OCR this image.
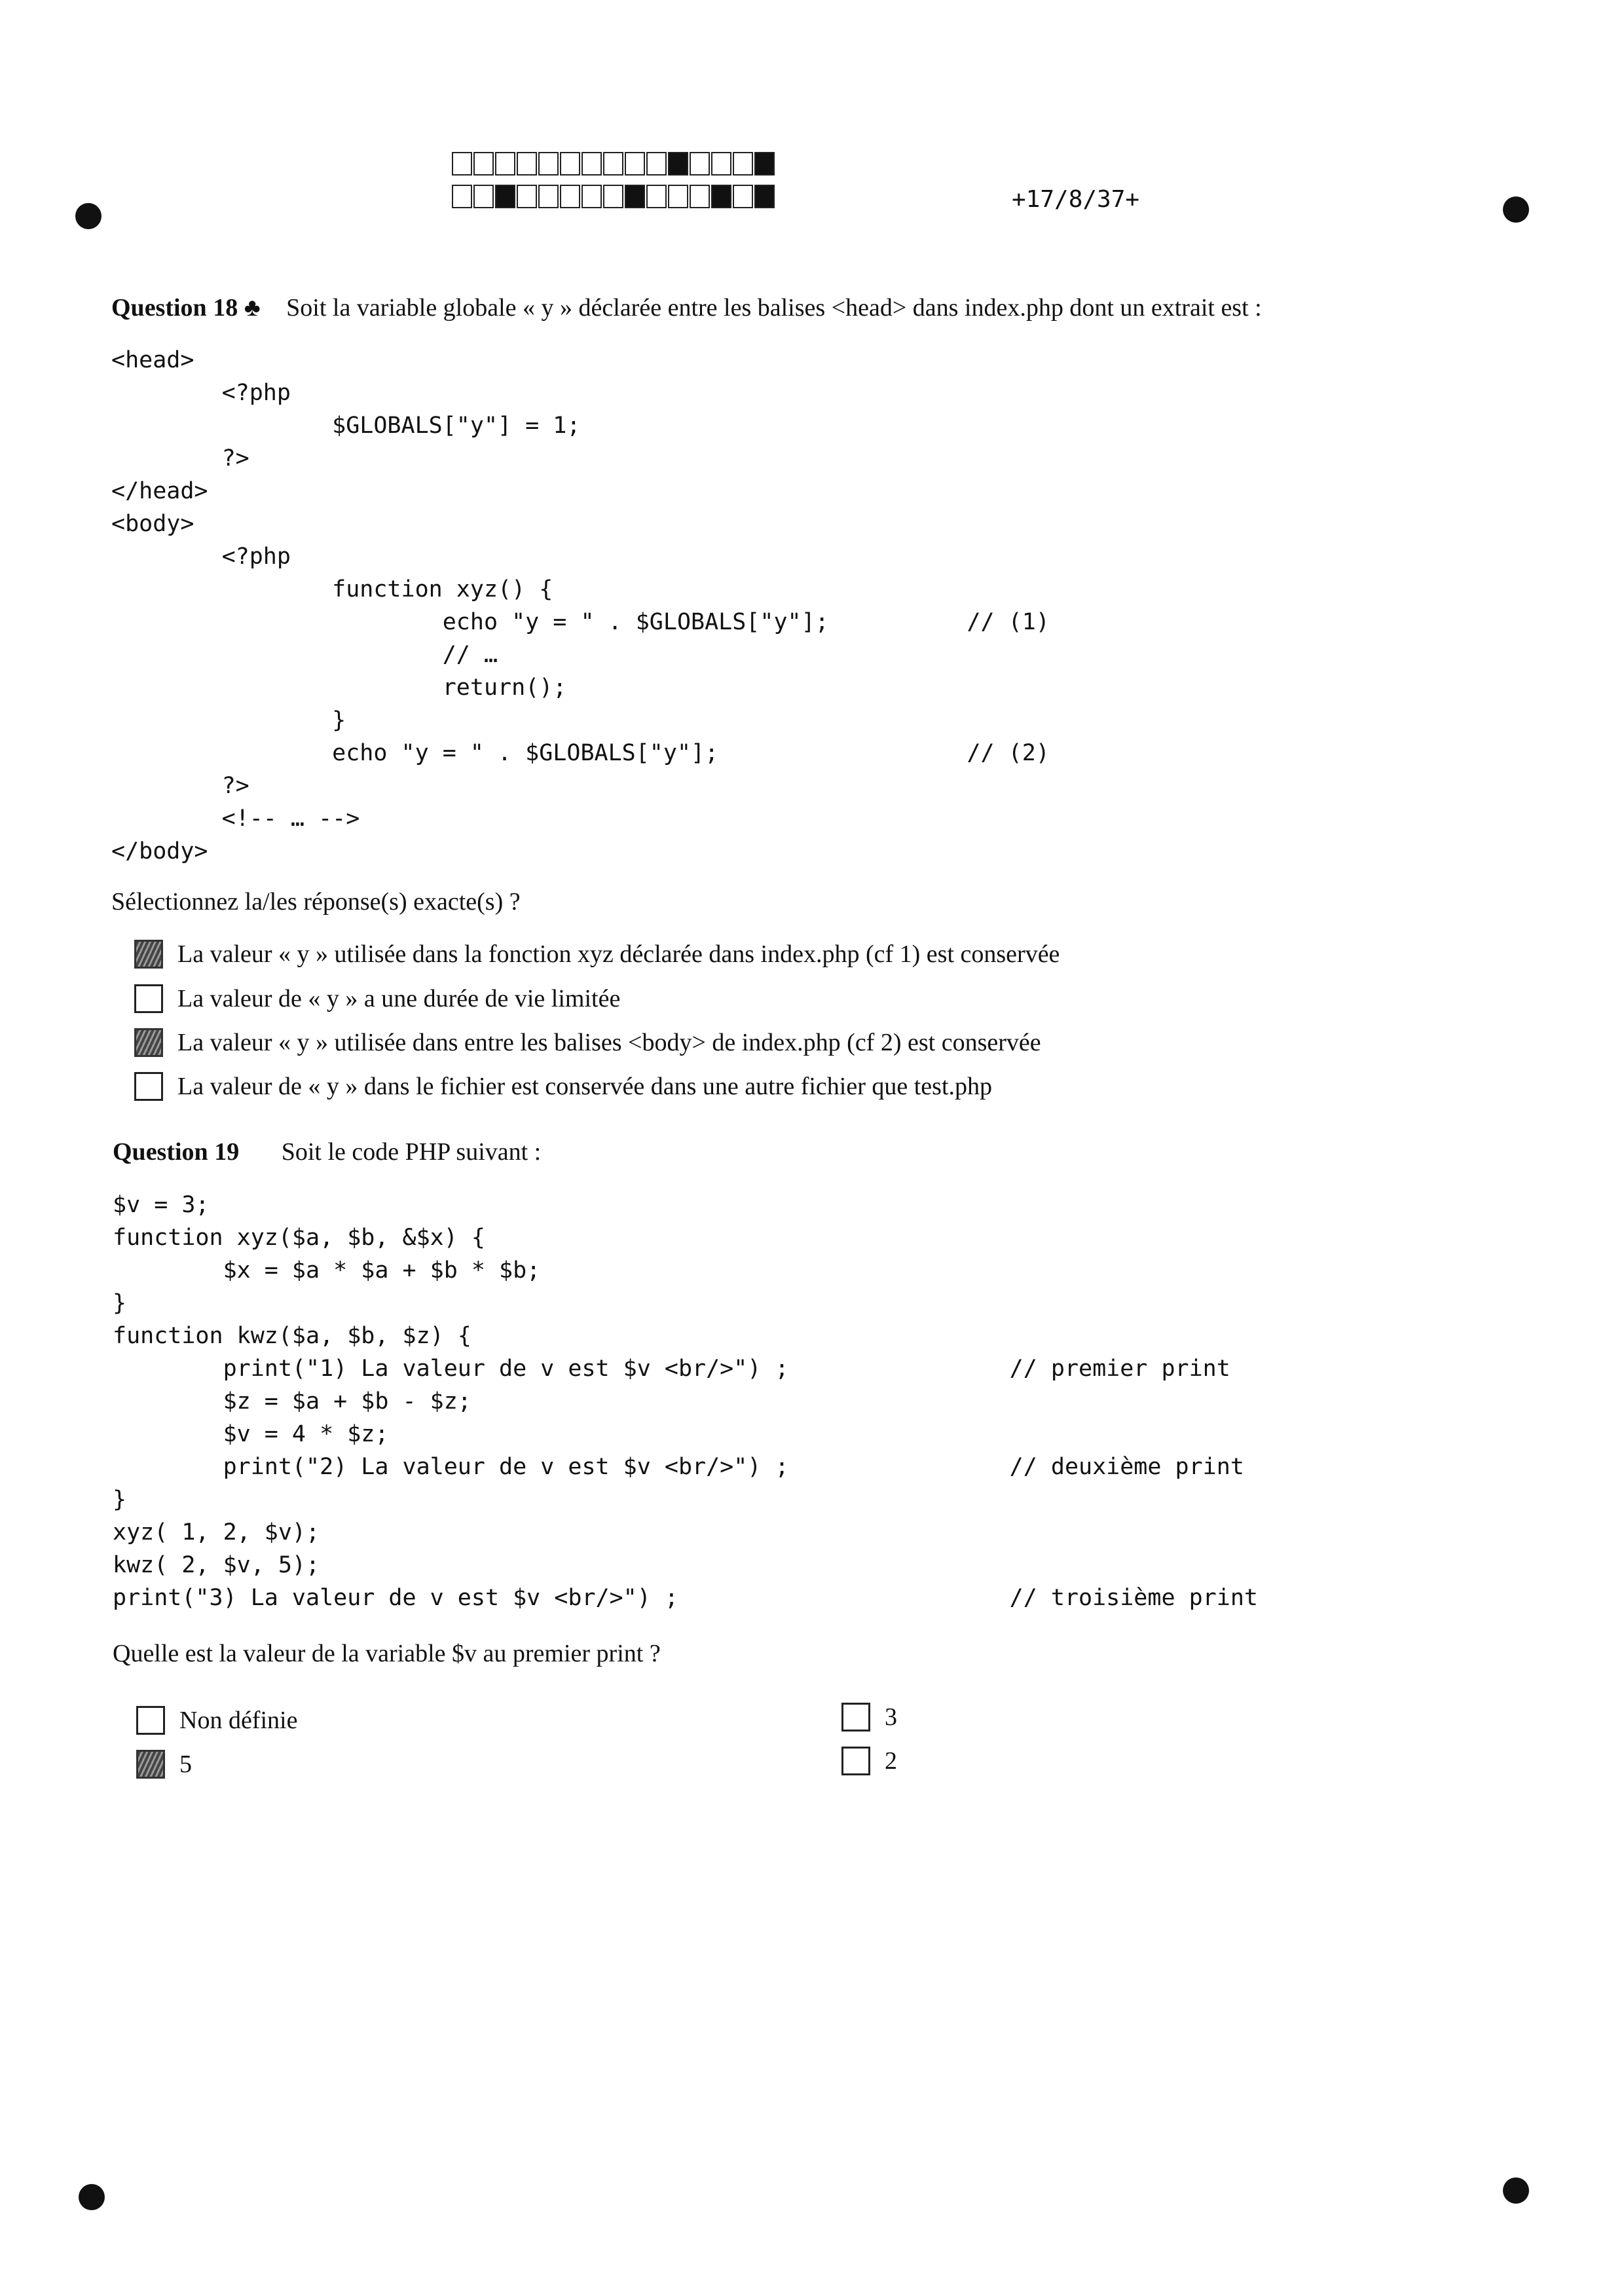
+17/8/37+
Question 18 ♣ Soit la variable globale « y » déclarée entre les balises <head> dans index.php dont un extrait est :
<head>
<?php
$GLOBALS["y"] = 1;
?>
</head>
<body>
<?php
function xyz() {
echo "y = " . $GLOBALS["y"];          // (1)
// …
return();
}
echo "y = " . $GLOBALS["y"];                  // (2)
?>
<!-- … -->
</body>
Sélectionnez la/les réponse(s) exacte(s) ?
La valeur « y » utilisée dans la fonction xyz déclarée dans index.php (cf 1) est conservée
La valeur de « y » a une durée de vie limitée
La valeur « y » utilisée dans entre les balises <body> de index.php (cf 2) est conservée
La valeur de « y » dans le fichier est conservée dans une autre fichier que test.php
Question 19 Soit le code PHP suivant :
$v = 3;
function xyz($a, $b, &$x) {
$x = $a * $a + $b * $b;
}
function kwz($a, $b, $z) {
print("1) La valeur de v est $v <br/>") ;                // premier print
$z = $a + $b - $z;
$v = 4 * $z;
print("2) La valeur de v est $v <br/>") ;                // deuxième print
}
xyz( 1, 2, $v);
kwz( 2, $v, 5);
print("3) La valeur de v est $v <br/>") ;                        // troisième print
Quelle est la valeur de la variable $v au premier print ?
Non définie
5
3
2
